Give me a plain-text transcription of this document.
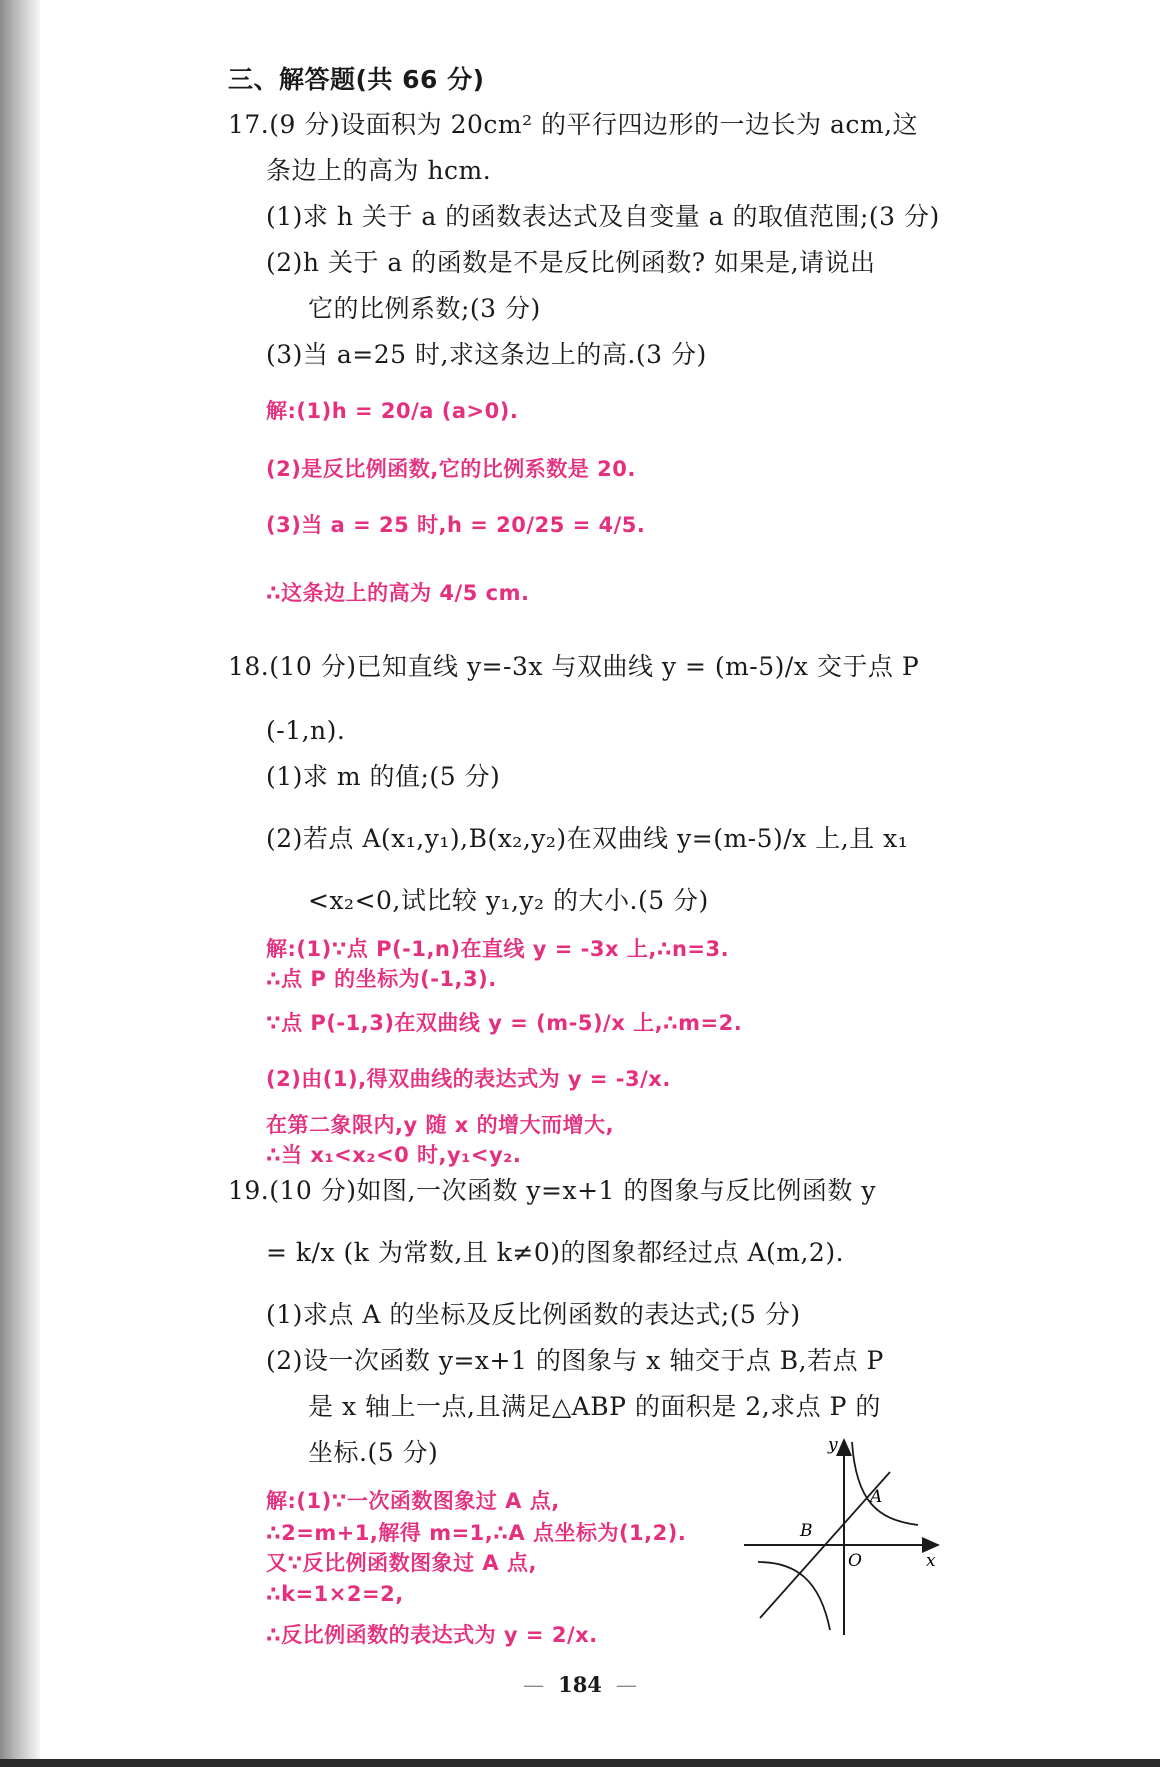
三、解答题(共 66 分)
17.(9 分)设面积为 20cm² 的平行四边形的一边长为 acm,这
条边上的高为 hcm.
(1)求 h 关于 a 的函数表达式及自变量 a 的取值范围;(3 分)
(2)h 关于 a 的函数是不是反比例函数? 如果是,请说出
它的比例系数;(3 分)
(3)当 a=25 时,求这条边上的高.(3 分)
解:(1)h = 20/a (a>0).
(2)是反比例函数,它的比例系数是 20.
(3)当 a = 25 时,h = 20/25 = 4/5.
∴这条边上的高为 4/5 cm.
18.(10 分)已知直线 y=-3x 与双曲线 y = (m-5)/x 交于点 P
(-1,n).
(1)求 m 的值;(5 分)
(2)若点 A(x₁,y₁),B(x₂,y₂)在双曲线 y=(m-5)/x 上,且 x₁
<x₂<0,试比较 y₁,y₂ 的大小.(5 分)
解:(1)∵点 P(-1,n)在直线 y = -3x 上,∴n=3.
∴点 P 的坐标为(-1,3).
∵点 P(-1,3)在双曲线 y = (m-5)/x 上,∴m=2.
(2)由(1),得双曲线的表达式为 y = -3/x.
在第二象限内,y 随 x 的增大而增大,
∴当 x₁<x₂<0 时,y₁<y₂.
19.(10 分)如图,一次函数 y=x+1 的图象与反比例函数 y
= k/x (k 为常数,且 k≠0)的图象都经过点 A(m,2).
(1)求点 A 的坐标及反比例函数的表达式;(5 分)
(2)设一次函数 y=x+1 的图象与 x 轴交于点 B,若点 P
是 x 轴上一点,且满足△ABP 的面积是 2,求点 P 的
坐标.(5 分)
解:(1)∵一次函数图象过 A 点,
∴2=m+1,解得 m=1,∴A 点坐标为(1,2).
又∵反比例函数图象过 A 点,
∴k=1×2=2,
∴反比例函数的表达式为 y = 2/x.
y
A
B
O	x
— 184 —
